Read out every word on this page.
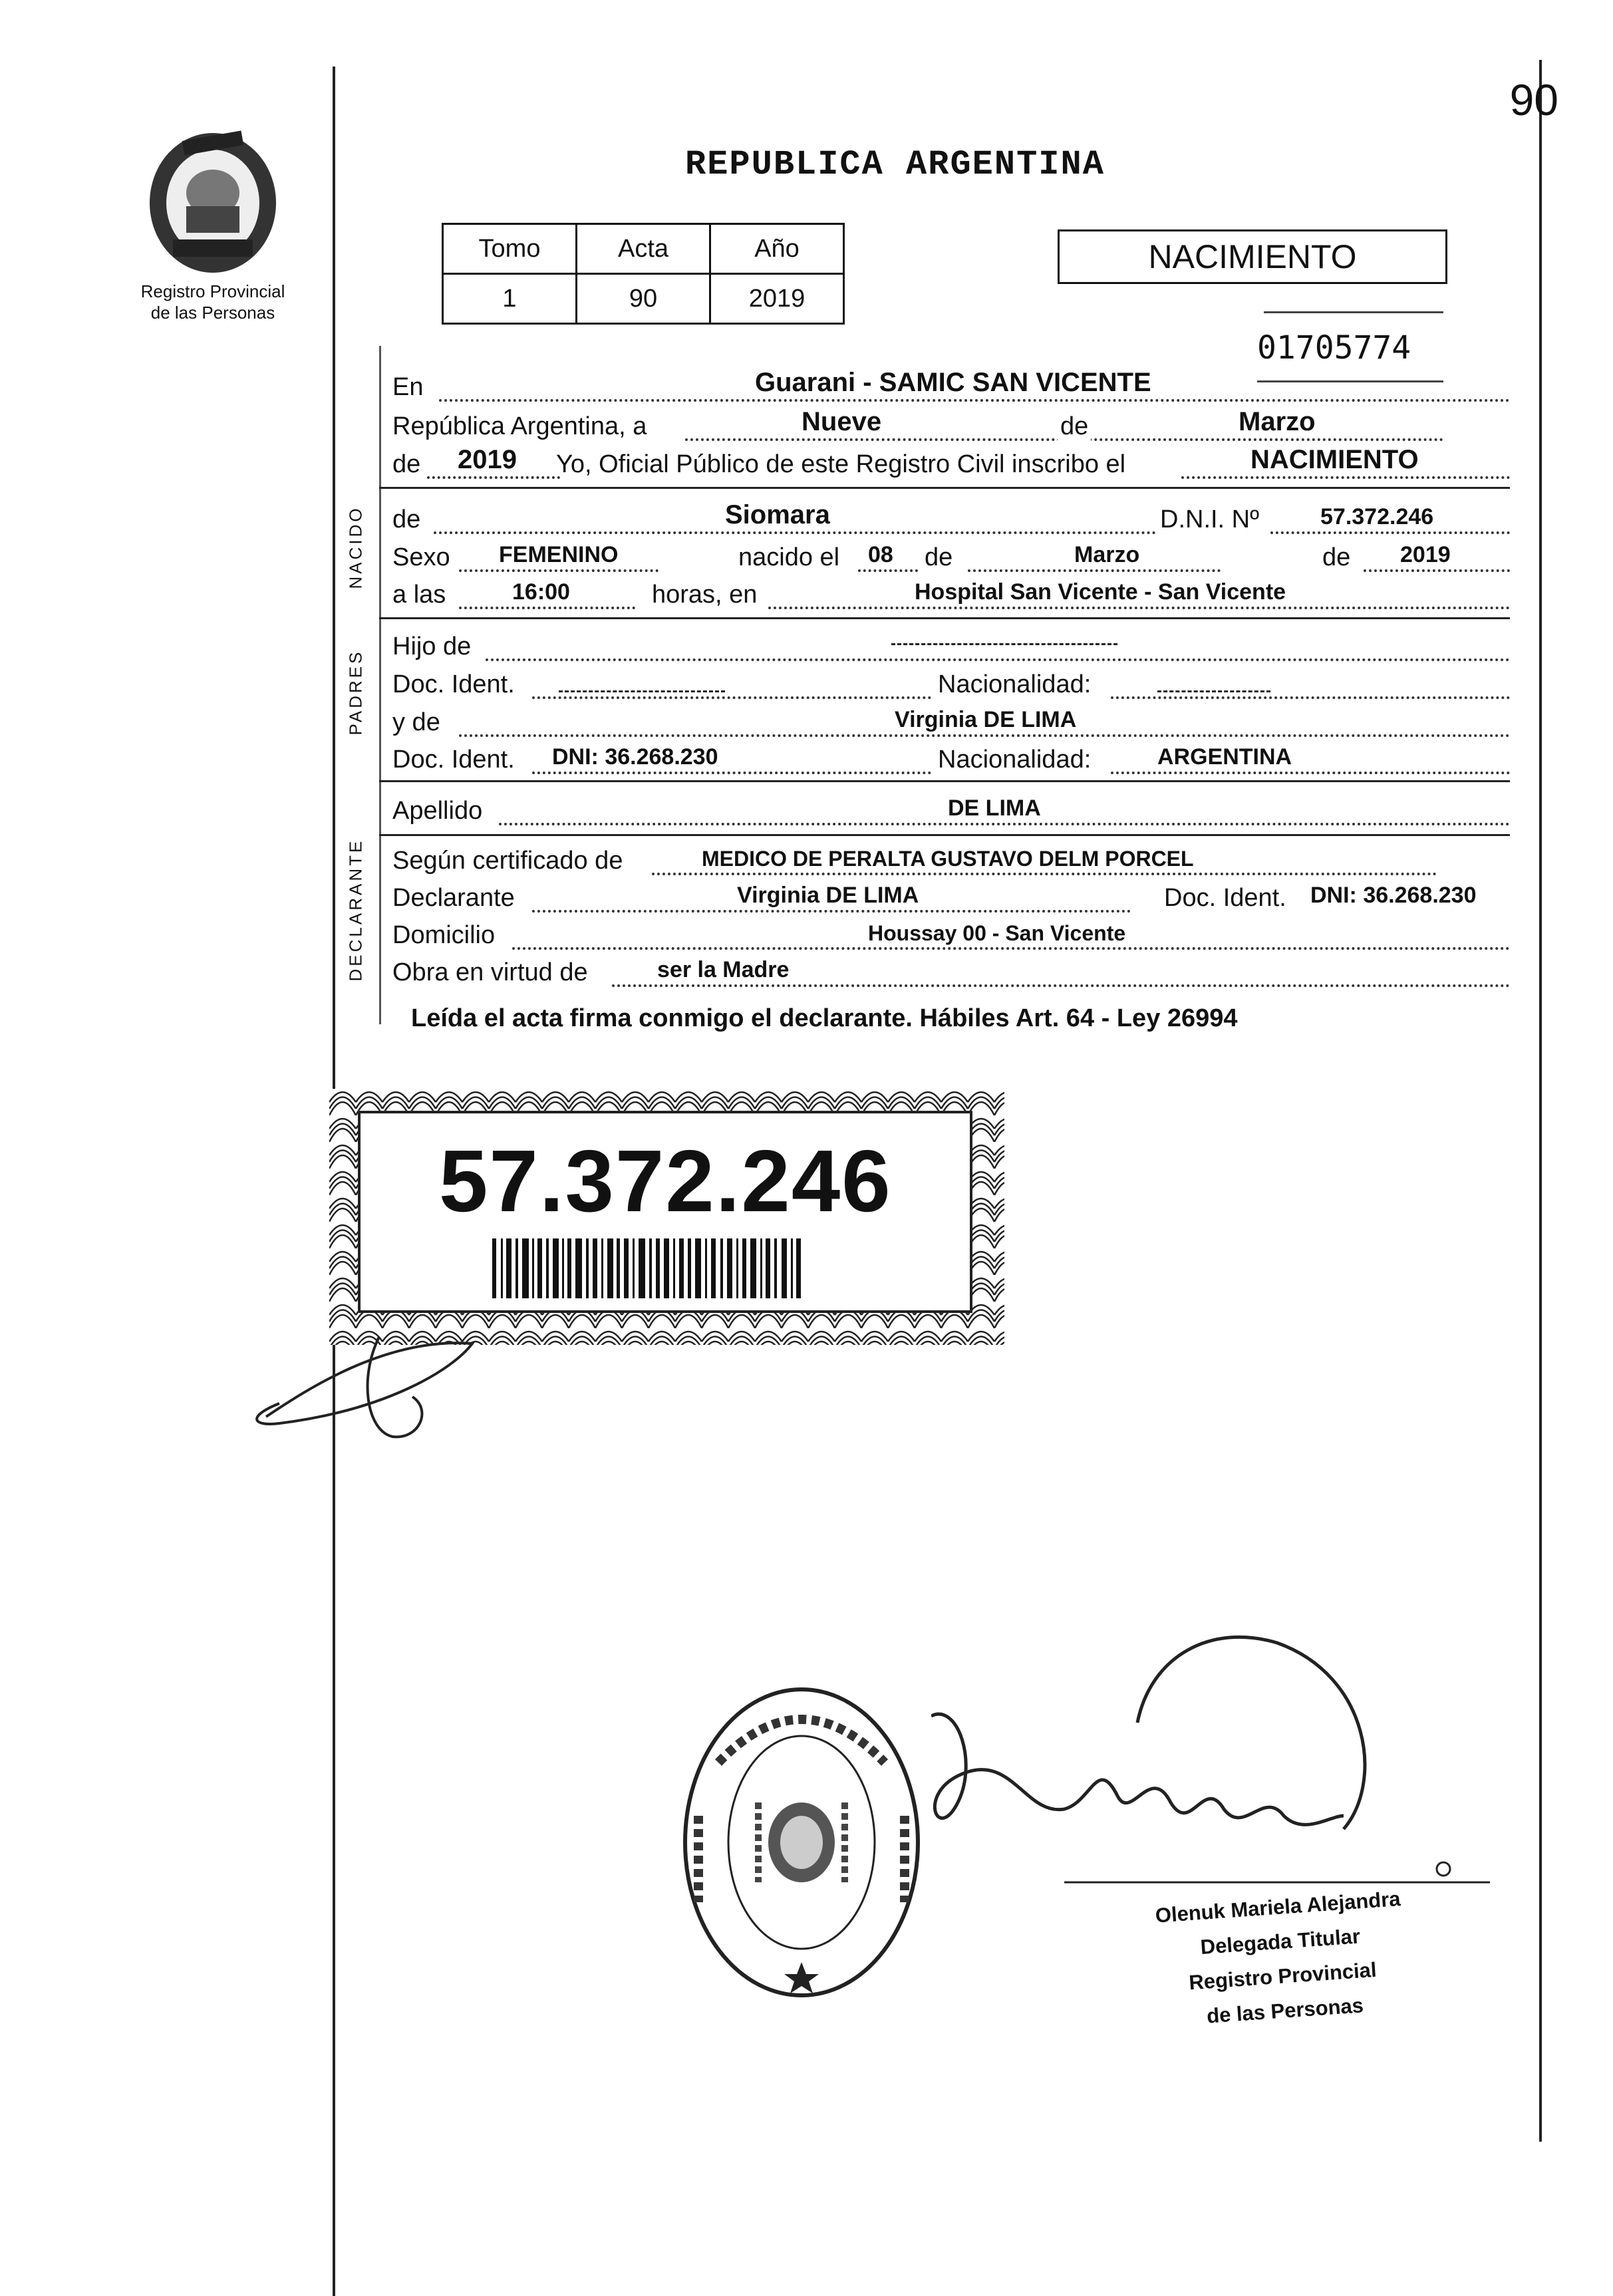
90
REPUBLICA ARGENTINA
Registro Provincial
de las Personas
Tomo	Acta	Año
1	90	2019
NACIMIENTO
01705774
En	Guarani - SAMIC SAN VICENTE
República Argentina, a	Nueve	de	Marzo
de 2019 Yo, Oficial Público de este Registro Civil inscribo el	NACIMIENTO
NACIDO de	Siomara	D.N.I. Nº	57.372.246
Sexo FEMENINO	nacido el 08 de	Marzo	de 2019
a las	16:00	horas, en	Hospital San Vicente - San Vicente
PADRES
Hijo de
Doc. Ident.	Nacionalidad:
y de	Virginia DE LIMA
Doc. Ident. DNI: 36.268.230	Nacionalidad:	ARGENTINA
Apellido	DE LIMA
DECLARANTE Según certificado de	MEDICO DE PERALTA GUSTAVO DELM PORCEL
Declarante	Virginia DE LIMA	Doc. Ident. DNI: 36.268.230
Domicilio	Houssay 00 - San Vicente
Obra en virtud de	ser la Madre
Leída el acta firma conmigo el declarante. Hábiles Art. 64 - Ley 26994
57.372.246
Olenuk Mariela Alejandra
Delegada Titular
Registro Provincial
de las Personas
